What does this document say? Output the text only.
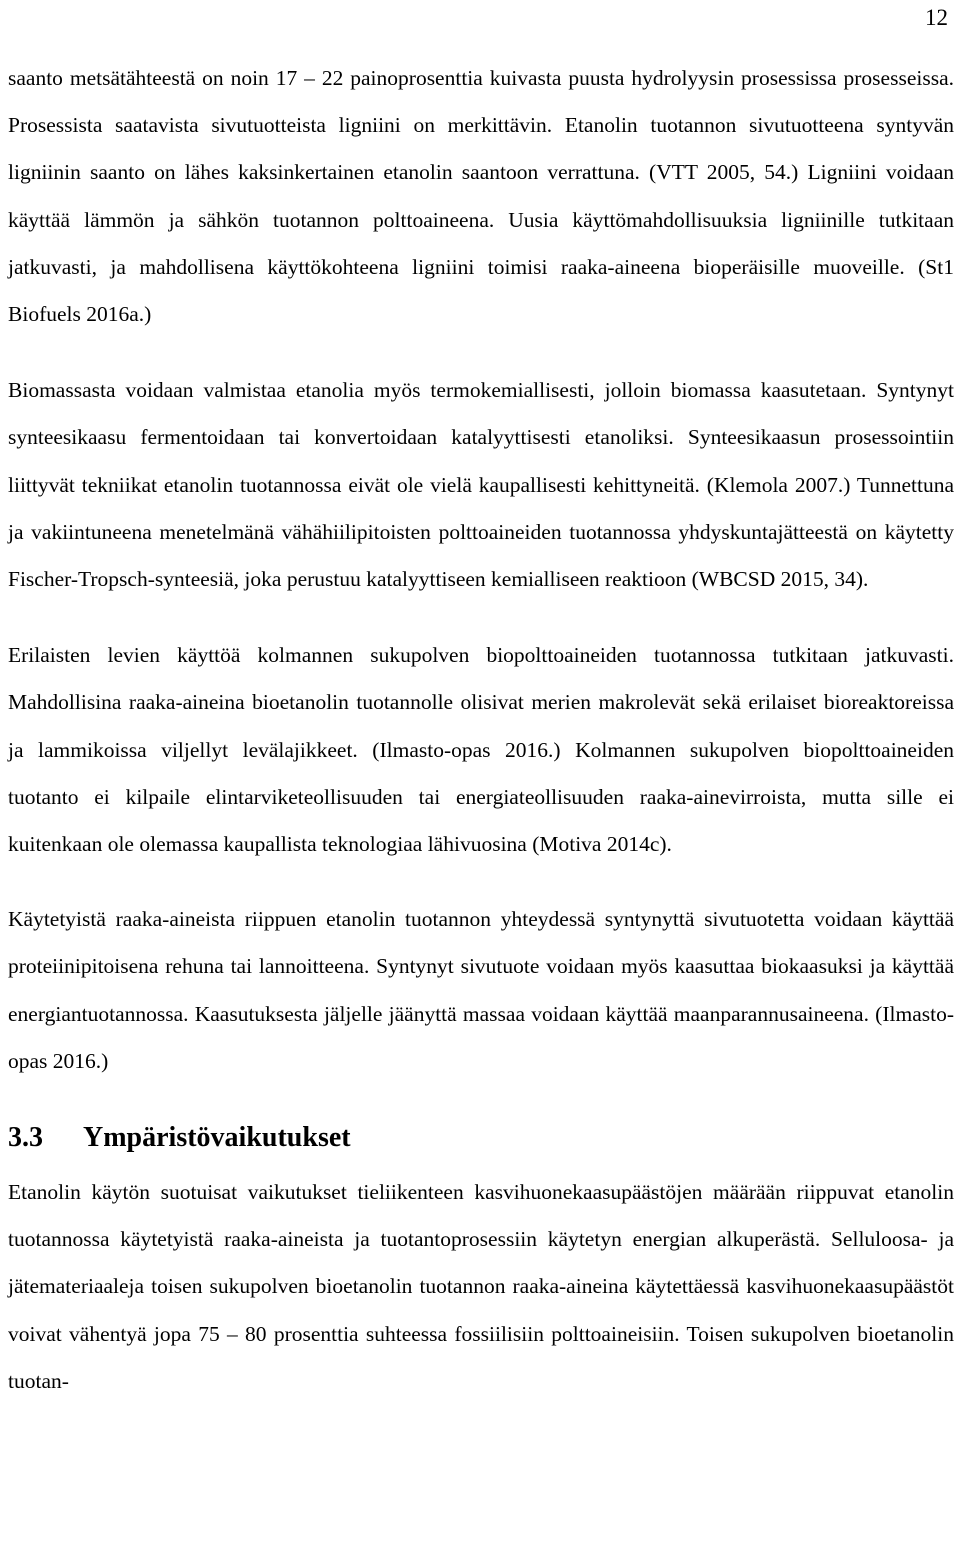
12

saanto metsätähteestä on noin 17 – 22 painoprosenttia kuivasta puusta hydrolyysin prosessissa prosesseissa. Prosessista saatavista sivutuotteista ligniini on merkittävin. Etanolin tuotannon sivutuotteena syntyvän ligniinin saanto on lähes kaksinkertainen etanolin saantoon verrattuna. (VTT 2005, 54.) Ligniini voidaan käyttää lämmön ja sähkön tuotannon polttoaineena. Uusia käyttömahdollisuuksia ligniinille tutkitaan jatkuvasti, ja mahdollisena käyttökohteena ligniini toimisi raaka-aineena bioperäisille muoveille. (St1 Biofuels 2016a.)

Biomassasta voidaan valmistaa etanolia myös termokemiallisesti, jolloin biomassa kaasutetaan. Syntynyt synteesikaasu fermentoidaan tai konvertoidaan katalyyttisesti etanoliksi. Synteesikaasun prosessointiin liittyvät tekniikat etanolin tuotannossa eivät ole vielä kaupallisesti kehittyneitä. (Klemola 2007.) Tunnettuna ja vakiintuneena menetelmänä vähähiilipitoisten polttoaineiden tuotannossa yhdyskuntajätteestä on käytetty Fischer-Tropsch-synteesiä, joka perustuu katalyyttiseen kemialliseen reaktioon (WBCSD 2015, 34).

Erilaisten levien käyttöä kolmannen sukupolven biopolttoaineiden tuotannossa tutkitaan jatkuvasti. Mahdollisina raaka-aineina bioetanolin tuotannolle olisivat merien makrolevät sekä erilaiset bioreaktoreissa ja lammikoissa viljellyt levälajikkeet. (Ilmasto-opas 2016.) Kolmannen sukupolven biopolttoaineiden tuotanto ei kilpaile elintarviketeollisuuden tai energiateollisuuden raaka-ainevirroista, mutta sille ei kuitenkaan ole olemassa kaupallista teknologiaa lähivuosina (Motiva 2014c).

Käytetyistä raaka-aineista riippuen etanolin tuotannon yhteydessä syntynyttä sivutuotetta voidaan käyttää proteiinipitoisena rehuna tai lannoitteena. Syntynyt sivutuote voidaan myös kaasuttaa biokaasuksi ja käyttää energiantuotannossa. Kaasutuksesta jäljelle jäänyttä massaa voidaan käyttää maanparannusaineena. (Ilmasto-opas 2016.)

3.3	Ympäristövaikutukset

Etanolin käytön suotuisat vaikutukset tieliikenteen kasvihuonekaasupäästöjen määrään riippuvat etanolin tuotannossa käytetyistä raaka-aineista ja tuotantoprosessiin käytetyn energian alkuperästä. Selluloosa- ja jätemateriaaleja toisen sukupolven bioetanolin tuotannon raaka-aineina käytettäessä kasvihuonekaasupäästöt voivat vähentyä jopa 75 – 80 prosenttia suhteessa fossiilisiin polttoaineisiin. Toisen sukupolven bioetanolin tuotan-
